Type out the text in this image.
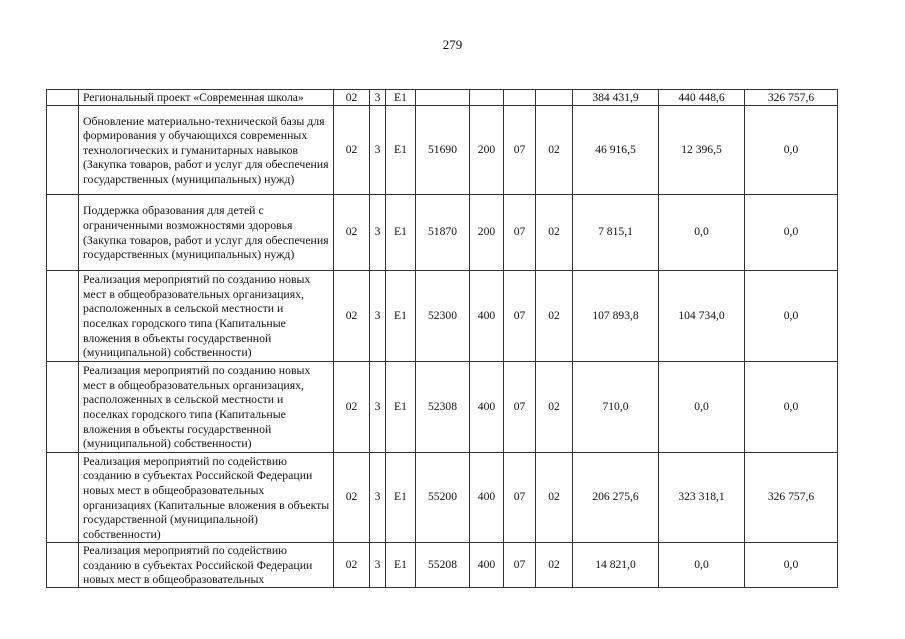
279
	Региональный проект «Современная школа»	02	3	E1					384 431,9	440 448,6	326 757,6
	Обновление материально-технической базы для формирования у обучающихся современных технологических и гуманитарных навыков (Закупка товаров, работ и услуг для обеспечения государственных (муниципальных) нужд)	02	3	E1	51690	200	07	02	46 916,5	12 396,5	0,0
	Поддержка образования для детей с ограниченными возможностями здоровья (Закупка товаров, работ и услуг для обеспечения государственных (муниципальных) нужд)	02	3	E1	51870	200	07	02	7 815,1	0,0	0,0
	Реализация мероприятий по созданию новых мест в общеобразовательных организациях, расположенных в сельской местности и поселках городского типа (Капитальные вложения в объекты государственной (муниципальной) собственности)	02	3	E1	52300	400	07	02	107 893,8	104 734,0	0,0
	Реализация мероприятий по созданию новых мест в общеобразовательных организациях, расположенных в сельской местности и поселках городского типа (Капитальные вложения в объекты государственной (муниципальной) собственности)	02	3	E1	52308	400	07	02	710,0	0,0	0,0
	Реализация мероприятий по содействию созданию в субъектах Российской Федерации новых мест в общеобразовательных организациях (Капитальные вложения в объекты государственной (муниципальной) собственности)	02	3	E1	55200	400	07	02	206 275,6	323 318,1	326 757,6
	Реализация мероприятий по содействию созданию в субъектах Российской Федерации новых мест в общеобразовательных	02	3	E1	55208	400	07	02	14 821,0	0,0	0,0
